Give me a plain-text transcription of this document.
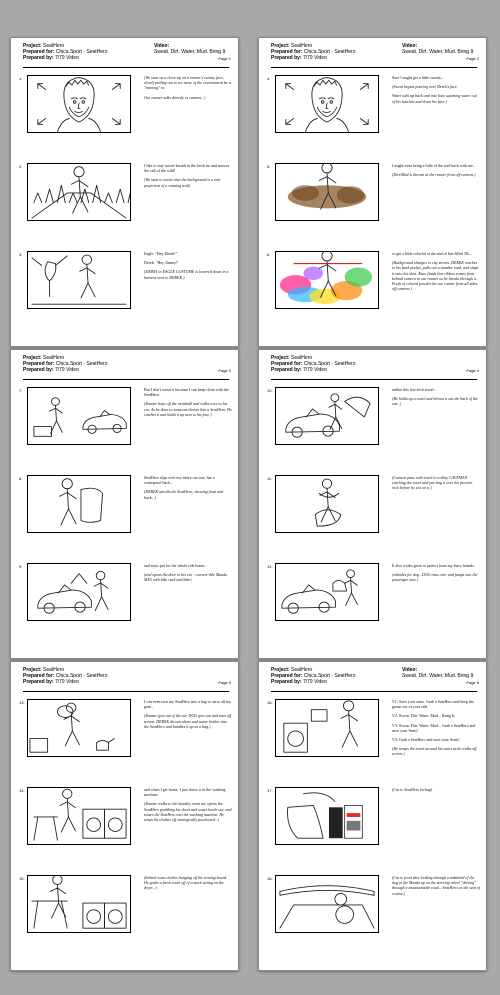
Project: SeatHero
Prepared for: Chica Sport - SeatHero
Prepared by: 7/79 Video
Video:
Sweat. Dirt. Water. Mud. Bring It
Page 1
1.	(We start on a close-up on a runner's sweaty face, slowly pulling out to see more of the environment he is "running" in.

Our runner talks directly to camera...)

2.	I like to stay active-breath in the fresh air and answer the call of the wild!

(We start to notice that the background is a rear projection of a running trail)

3.	Eagle: "Hey Derek!"

Derek: "Hey Jimmy!"

(JIMMY in EAGLE COSTUME is lowered down in a harness next to DEREK.)

Project: SeatHero
Prepared for: Chica Sport - SeatHero
Prepared by: 7/79 Video
Video:
Sweat. Dirt. Water. Mud. Bring It
Page 2
4.	Sure I might get a little sweaty...

(Sweat begins pouring over Derek's face.

Water tubs up back and into hair, squirting water out of his hairline and down his face.)

5.	I might even bring a little of the trail back with me...

(Dirt/Mud is thrown at the runner from off-camera.)

6.	or get a little colorful at the end of bus-filled 5K...

(Background changes to city streets. DEREK reaches to his back pocket, pulls out a number card, and slaps it onto his shirt. Race finish line ribbon comes from behind camera to our runner as he breaks through it. Poofs of colored powder hit our runner from all sides off-camera.)

Project: SeatHero
Prepared for: Chica Sport - SeatHero
Prepared by: 7/79 Video	Page 3
7.	But I don't sweat it because I can keep clean with the SeatHero.

(Runner hops off the treadmill and walks over to his car. As he does so someone throws him a SeatHero. He catches it and holds it up next to his face.)

8.	SeatHero slips over my entire car seat, has a waterproof back...

(DEREK unrolls the SeatHero, showing front and back...)

9.	and stays put for the whole ride home...

(and opens the door to his car - convert-ible Mazda MX5 with bike rack and bike)

Project: SeatHero
Prepared for: Chica Sport - SeatHero
Prepared by: 7/79 Video	Page 4
10.	unlike this low-tech towel...

(He holds up a towel and throws it out the back of the car...)

11.	(Camera pans with towel to a dirty CAVEMAN catching the towel and put-ting it over his favorite rock before he sits on it.)

12.	It also works great to protect from my furry friends.

(whistles for dog...DOG runs over and jumps into the passenger seat.)

Project: SeatHero
Prepared for: Chica Sport - SeatHero
Prepared by: 7/79 Video	Page 5
13.	I can even turn my SeatHero into a bag to carry all my gear...

(Runner gets out of the car. DOG gets out and runs off screen. DEREK throws shoes and water bottles into the SeatHero and bundles it up as a bag.)

14.	and when I get home, I just throw it in the washing machine.

(Runner walks to the laundry room set, opens the SeatHero grabbing his shoes and water bottle out, and tosses the SeatHero into the washing machine. He strips his clothes off strategically positioned...)

15.	(behind some clothes hanging off the ironing board. He grabs a fresh towel off of a stack sitting on the dryer...)

Project: SeatHero
Prepared for: Chica Sport - SeatHero
Prepared by: 7/79 Video
Video:
Sweat. Dirt. Water. Mud. Bring It
Page 6
16.	V1: Save your seats. Grab a SeatHero and keep the grime out of your ride.

V2: Sweat. Dirt. Water. Mud... Bring It.

V3: Sweat. Dirt. Water. Mud... Grab a SeatHero and save your Seats!

V4: Grab a SeatHero and save your Seats!

(He wraps the towel around his waist as he walks off screen.)

17.	(Cut to SeatHero lockup)

18.	(Cut to front shot looking through windshield of the dog in the Mazda up on the steering wheel "driving" through a mountainside road... SeatHero on the seat of course.)
